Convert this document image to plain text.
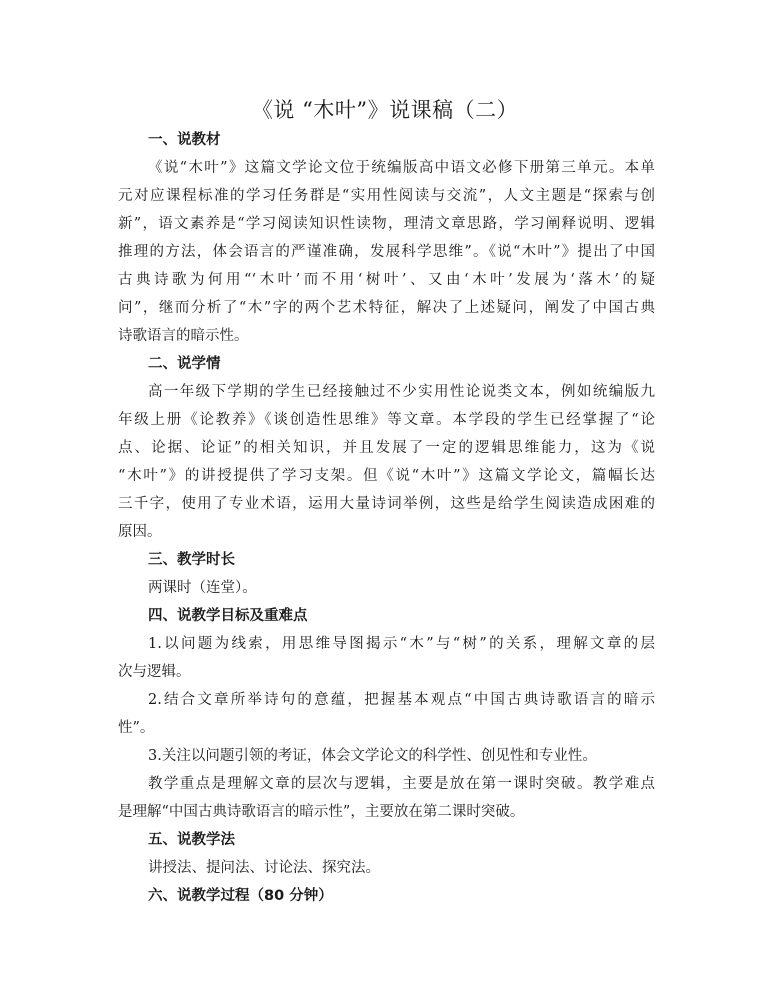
《说 “木叶”》说课稿（二）
一、说教材
《说“木叶”》这篇文学论文位于统编版高中语文必修下册第三单元。本单
元对应课程标准的学习任务群是“实用性阅读与交流”，人文主题是“探索与创
新”，语文素养是“学习阅读知识性读物，理清文章思路，学习阐释说明、逻辑
推理的方法，体会语言的严谨准确，发展科学思维”。《说“木叶”》提出了中国
古典诗歌为何用“‘木叶’而不用‘树叶’、又由‘木叶’发展为‘落木’的疑
问”，继而分析了“木”字的两个艺术特征，解决了上述疑问，阐发了中国古典
诗歌语言的暗示性。
二、说学情
高一年级下学期的学生已经接触过不少实用性论说类文本，例如统编版九
年级上册《论教养》《谈创造性思维》等文章。本学段的学生已经掌握了“论
点、论据、论证”的相关知识，并且发展了一定的逻辑思维能力，这为《说
“木叶”》的讲授提供了学习支架。但《说“木叶”》这篇文学论文，篇幅长达
三千字，使用了专业术语，运用大量诗词举例，这些是给学生阅读造成困难的
原因。
三、教学时长
两课时（连堂）。
四、说教学目标及重难点
1.以问题为线索，用思维导图揭示“木”与“树”的关系，理解文章的层
次与逻辑。
2.结合文章所举诗句的意蕴，把握基本观点“中国古典诗歌语言的暗示
性”。
3.关注以问题引领的考证，体会文学论文的科学性、创见性和专业性。
教学重点是理解文章的层次与逻辑，主要是放在第一课时突破。教学难点
是理解“中国古典诗歌语言的暗示性”，主要放在第二课时突破。
五、说教学法
讲授法、提问法、讨论法、探究法。
六、说教学过程（80 分钟）
